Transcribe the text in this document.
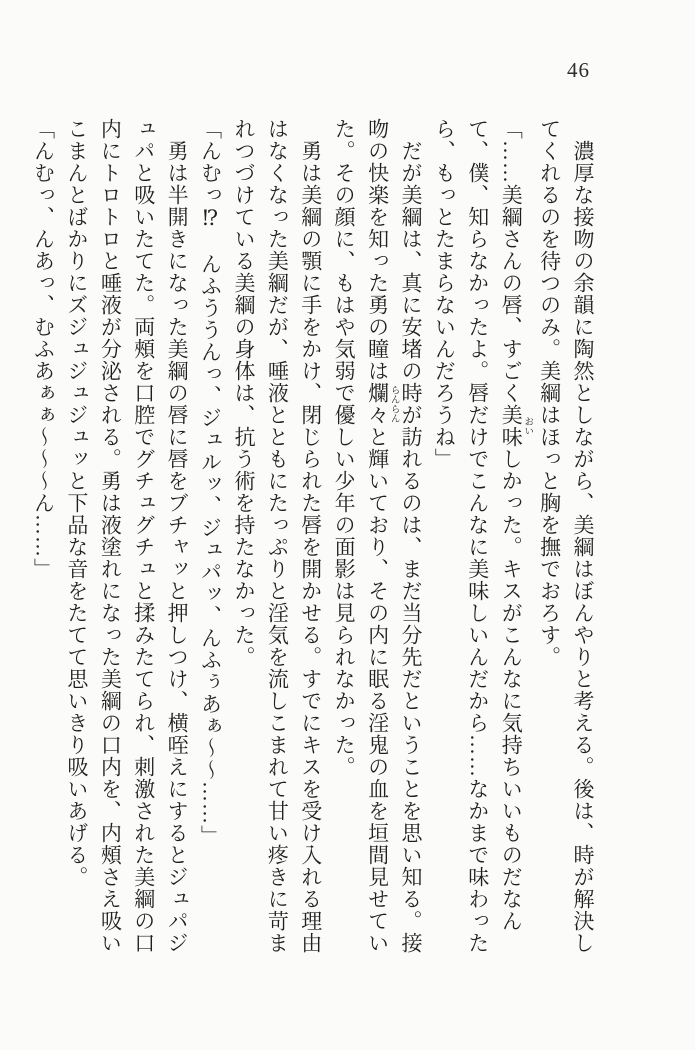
46

濃厚な接吻の余韻に陶然としながら、美綱はぼんやりと考える。後は、時が解決してくれるのを待つのみ。美綱はほっと胸を撫でおろす。

「……美綱さんの唇、すごく美味 おいしかった。キスがこんなに気持ちいいものだなんて、僕、知らなかったよ。唇だけでこんなに美味しいんだから……なかまで味わったら、もっとたまらないんだろうね」

だが美綱は、真に安堵の時が訪れるのは、まだ当分先だということを思い知る。接吻の快楽を知った勇の瞳は爛々 らんらんと輝いており、その内に眠る淫鬼の血を垣間見せていた。その顔に、もはや気弱で優しい少年の面影は見られなかった。

勇は美綱の顎に手をかけ、閉じられた唇を開かせる。すでにキスを受け入れる理由はなくなった美綱だが、唾液とともにたっぷりと淫気を流しこまれて甘い疼きに苛まれつづけている美綱の身体は、抗う術を持たなかった。

「んむっ⁉　んふううんっ、ジュルッ、ジュパッ、んふぅあぁ～～……」

勇は半開きになった美綱の唇に唇をブチャッと押しつけ、横咥えにするとジュパジュパと吸いたてた。両頰を口腔でグチュグチュと揉みたてられ、刺激された美綱の口内にトロトロと唾液が分泌される。勇は液塗れになった美綱の口内を、内頰さえ吸いこまんとばかりにズジュジュジュッと下品な音をたてて思いきり吸いあげる。

「んむっ、んあっ、むふあぁぁ～～～ん……」
